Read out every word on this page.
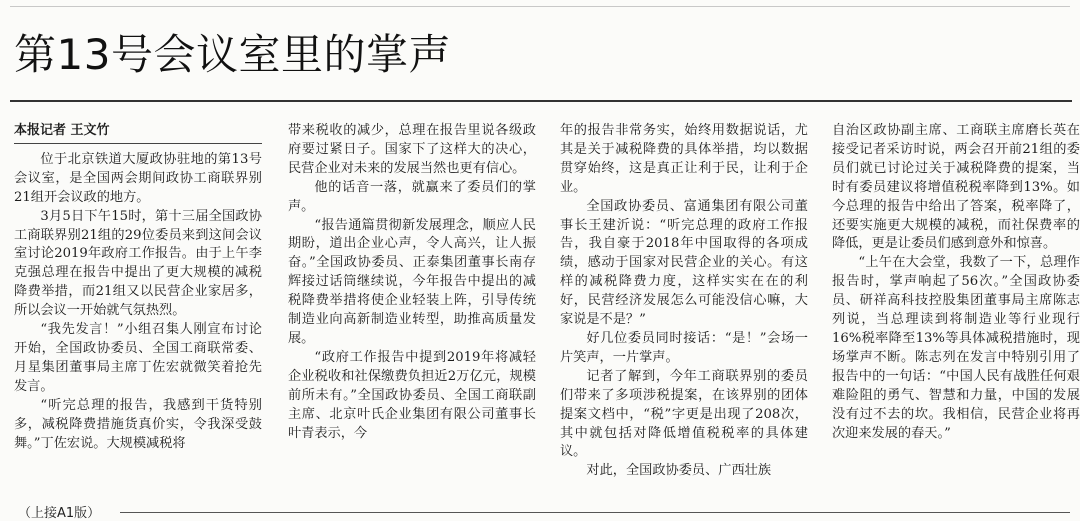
第13号会议室里的掌声

本报记者 王文竹

位于北京铁道大厦政协驻地的第13号会议室，是全国两会期间政协工商联界别21组开会议政的地方。

3月5日下午15时，第十三届全国政协工商联界别21组的29位委员来到这间会议室讨论2019年政府工作报告。由于上午李克强总理在报告中提出了更大规模的减税降费举措，而21组又以民营企业家居多，所以会议一开始就气氛热烈。

“我先发言！”小组召集人刚宣布讨论开始，全国政协委员、全国工商联常委、月星集团董事局主席丁佐宏就微笑着抢先发言。

“听完总理的报告，我感到干货特别多，减税降费措施货真价实，令我深受鼓舞。”丁佐宏说。大规模减税将

带来税收的减少，总理在报告里说各级政府要过紧日子。国家下了这样大的决心，民营企业对未来的发展当然也更有信心。

他的话音一落，就赢来了委员们的掌声。

“报告通篇贯彻新发展理念，顺应人民期盼，道出企业心声，令人高兴，让人振奋。”全国政协委员、正泰集团董事长南存辉接过话筒继续说，今年报告中提出的减税降费举措将使企业轻装上阵，引导传统制造业向高新制造业转型，助推高质量发展。

“政府工作报告中提到2019年将减轻企业税收和社保缴费负担近2万亿元，规模前所未有。”全国政协委员、全国工商联副主席、北京叶氏企业集团有限公司董事长叶青表示，今

年的报告非常务实，始终用数据说话，尤其是关于减税降费的具体举措，均以数据贯穿始终，这是真正让利于民，让利于企业。

全国政协委员、富通集团有限公司董事长王建沂说：“听完总理的政府工作报告，我自豪于2018年中国取得的各项成绩，感动于国家对民营企业的关心。有这样的减税降费力度，这样实实在在的利好，民营经济发展怎么可能没信心嘛，大家说是不是？”

好几位委员同时接话：“是！”会场一片笑声，一片掌声。

记者了解到，今年工商联界别的委员们带来了多项涉税提案，在该界别的团体提案文档中，“税”字更是出现了208次，其中就包括对降低增值税税率的具体建议。

对此，全国政协委员、广西壮族

自治区政协副主席、工商联主席磨长英在接受记者采访时说，两会召开前21组的委员们就已讨论过关于减税降费的提案，当时有委员建议将增值税税率降到13%。如今总理的报告中给出了答案，税率降了，还要实施更大规模的减税，而社保费率的降低，更是让委员们感到意外和惊喜。

“上午在大会堂，我数了一下，总理作报告时，掌声响起了56次。”全国政协委员、研祥高科技控股集团董事局主席陈志列说，当总理读到将制造业等行业现行16%税率降至13%等具体减税措施时，现场掌声不断。陈志列在发言中特别引用了报告中的一句话：“中国人民有战胜任何艰难险阻的勇气、智慧和力量，中国的发展没有过不去的坎。我相信，民营企业将再次迎来发展的春天。”

（上接A1版）
